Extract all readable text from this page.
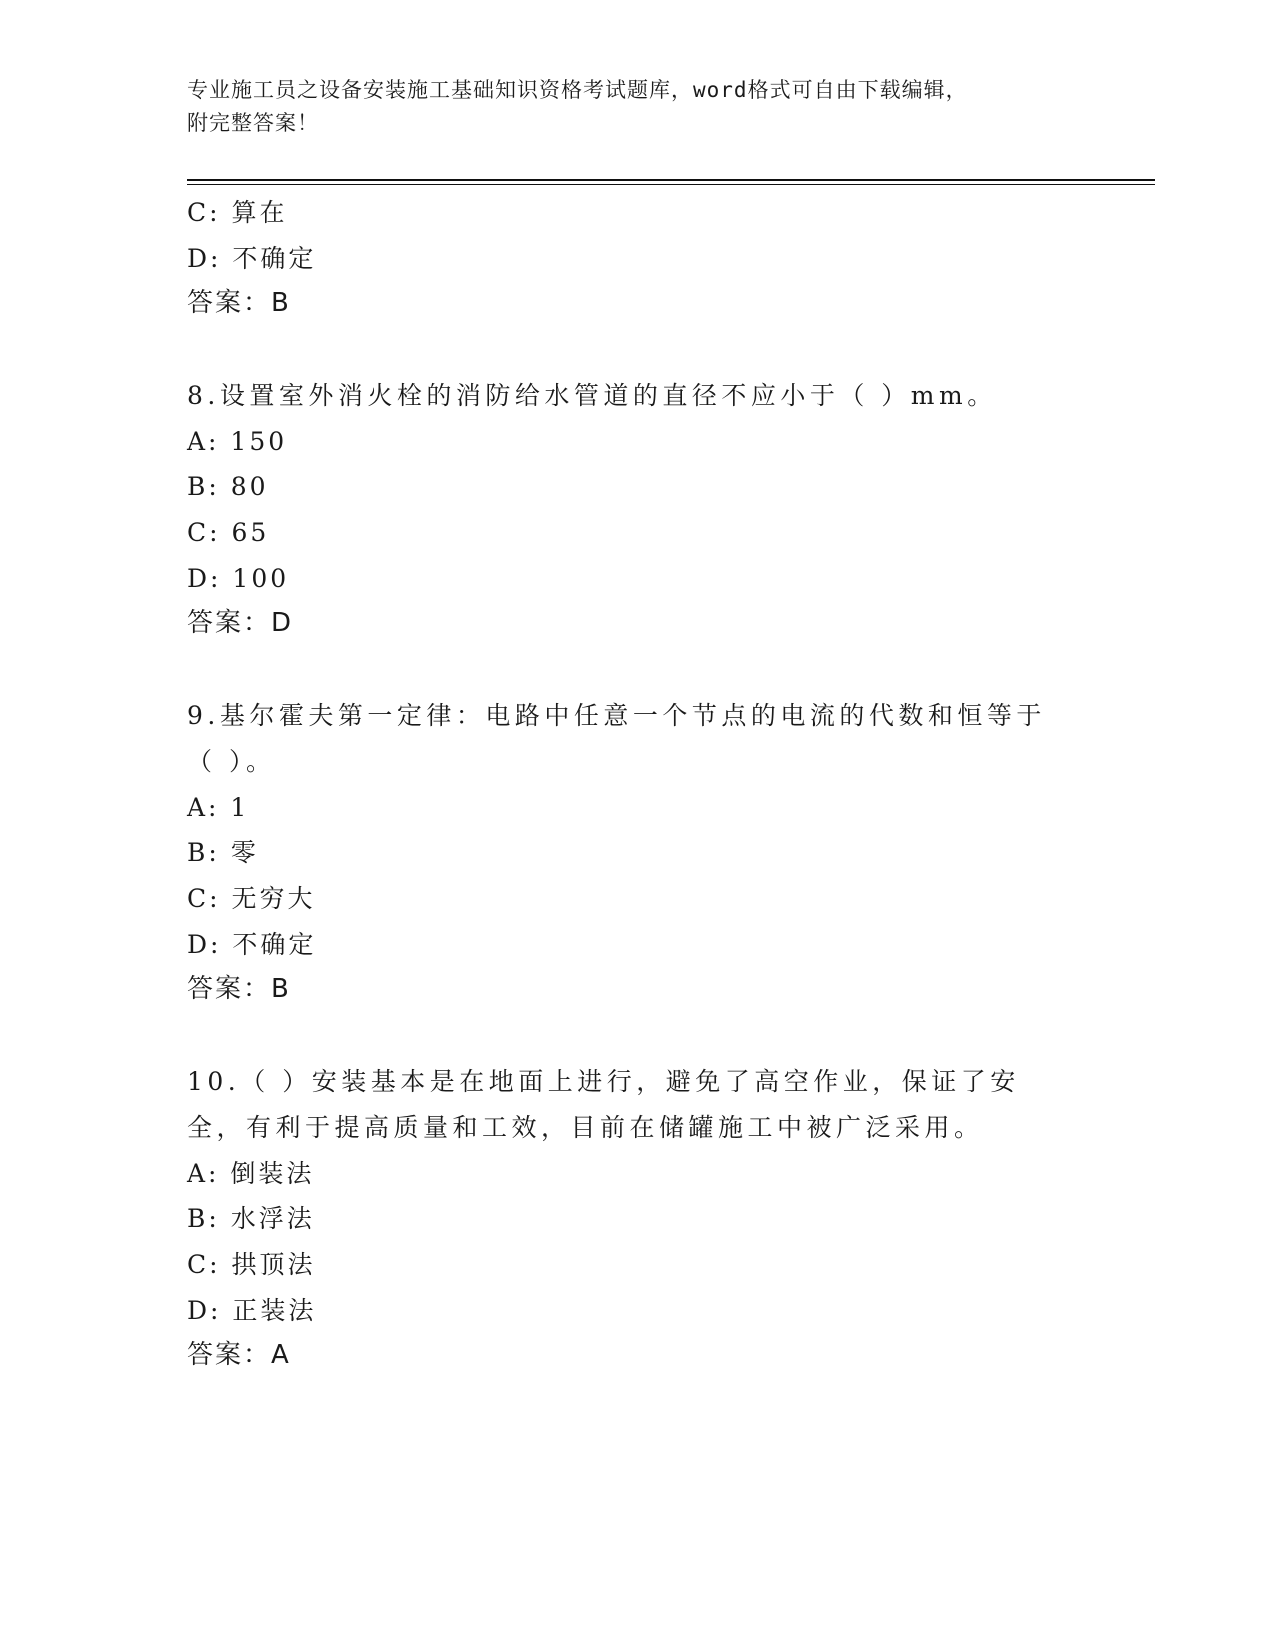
专业施工员之设备安装施工基础知识资格考试题库，word格式可自由下载编辑，
附完整答案！
C: 算在
D: 不确定
答案：B
8.设置室外消火栓的消防给水管道的直径不应小于（ ）mm。
A: 150
B: 80
C: 65
D: 100
答案：D
9.基尔霍夫第一定律：电路中任意一个节点的电流的代数和恒等于（ ）。
A: 1
B: 零
C: 无穷大
D: 不确定
答案：B
10.（ ）安装基本是在地面上进行，避免了高空作业，保证了安全，有利于提高质量和工效，目前在储罐施工中被广泛采用。
A: 倒装法
B: 水浮法
C: 拱顶法
D: 正装法
答案：A
